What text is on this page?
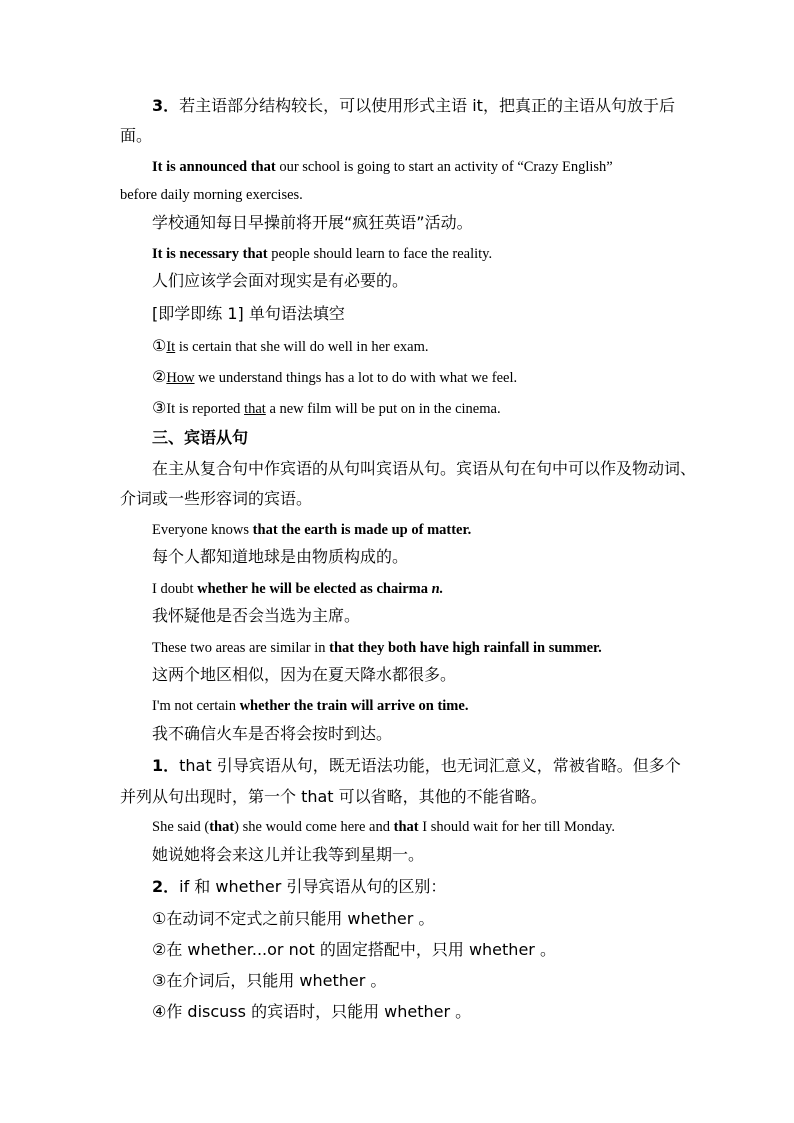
3．若主语部分结构较长，可以使用形式主语 it，把真正的主语从句放于后
面。
It is announced that our school is going to start an activity of “Crazy English”
before daily morning exercises.
学校通知每日早操前将开展“疯狂英语”活动。
It is necessary that people should learn to face the reality.
人们应该学会面对现实是有必要的。
[即学即练 1] 单句语法填空
①It is certain that she will do well in her exam.
②How we understand things has a lot to do with what we feel.
③It is reported that a new film will be put on in the cinema.
三、宾语从句
在主从复合句中作宾语的从句叫宾语从句。宾语从句在句中可以作及物动词、
介词或一些形容词的宾语。
Everyone knows that the earth is made up of matter.
每个人都知道地球是由物质构成的。
I doubt whether he will be elected as chairma n.
我怀疑他是否会当选为主席。
These two areas are similar in that they both have high rainfall in summer.
这两个地区相似，因为在夏天降水都很多。
I'm not certain whether the train will arrive on time.
我不确信火车是否将会按时到达。
1．that 引导宾语从句，既无语法功能，也无词汇意义，常被省略。但多个
并列从句出现时，第一个 that 可以省略，其他的不能省略。
She said (that) she would come here and that I should wait for her till Monday.
她说她将会来这儿并让我等到星期一。
2．if 和 whether 引导宾语从句的区别：
①在动词不定式之前只能用 whether 。
②在 whether...or not 的固定搭配中，只用 whether 。
③在介词后，只能用 whether 。
④作 discuss 的宾语时，只能用 whether 。
